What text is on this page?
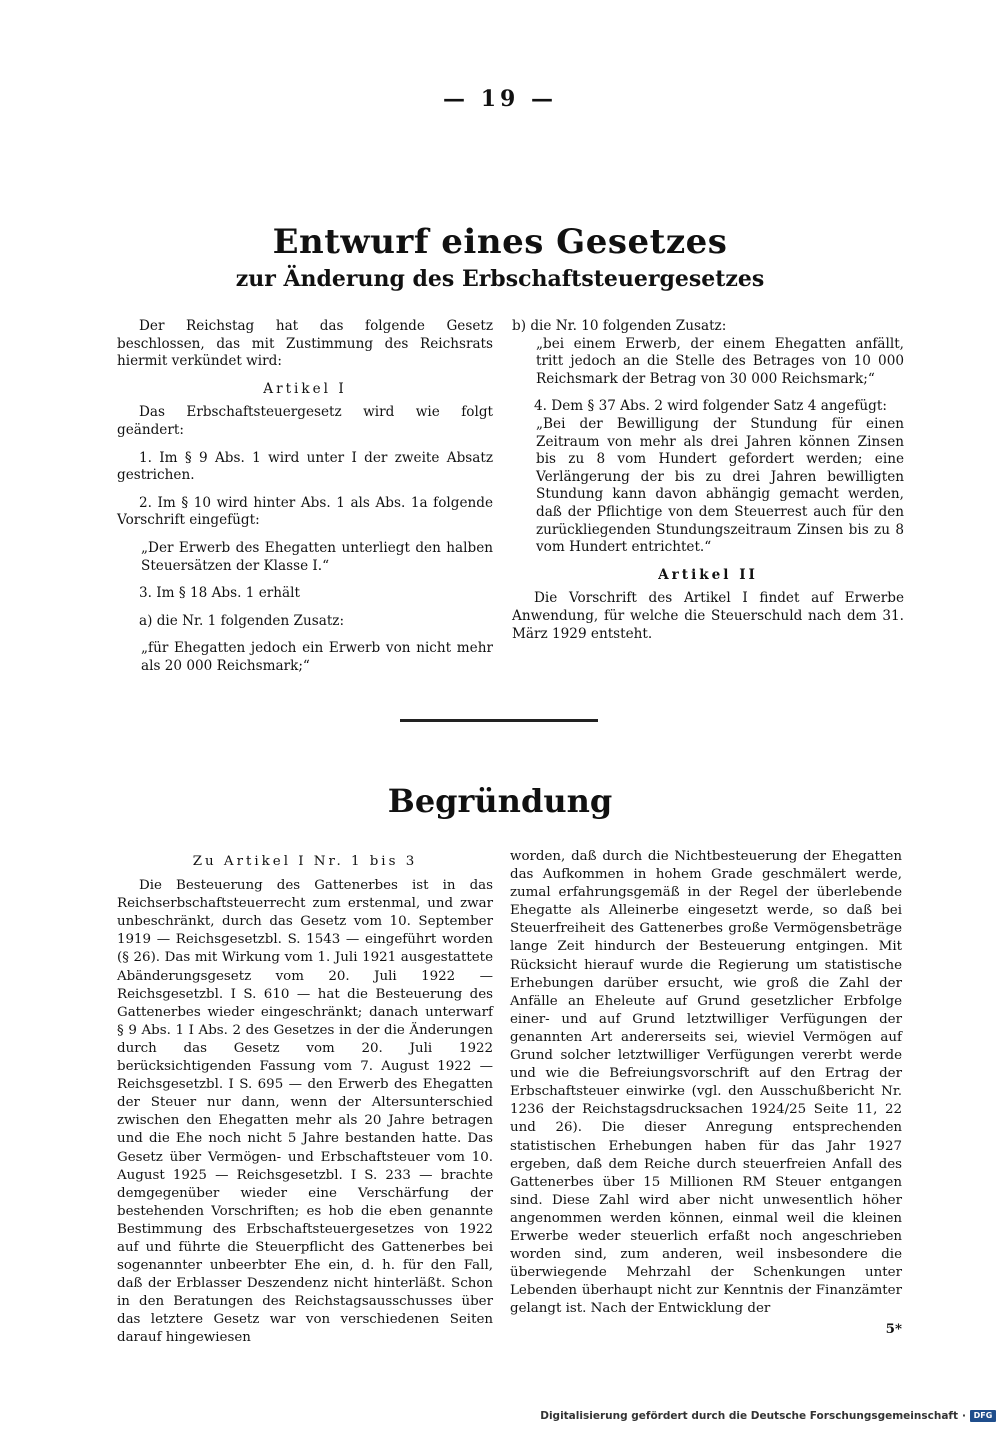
— 19 —
Entwurf eines Gesetzes
zur Änderung des Erbschaftsteuergesetzes

Der Reichstag hat das folgende Gesetz beschlossen, das mit Zustimmung des Reichsrats hiermit verkündet wird:

Artikel I

Das Erbschaftsteuergesetz wird wie folgt geändert:

1. Im § 9 Abs. 1 wird unter I der zweite Absatz gestrichen.

2. Im § 10 wird hinter Abs. 1 als Abs. 1a folgende Vorschrift eingefügt:

„Der Erwerb des Ehegatten unterliegt den halben Steuersätzen der Klasse I.“

3. Im § 18 Abs. 1 erhält

a) die Nr. 1 folgenden Zusatz:

„für Ehegatten jedoch ein Erwerb von nicht mehr als 20 000 Reichsmark;“

b) die Nr. 10 folgenden Zusatz:

„bei einem Erwerb, der einem Ehegatten anfällt, tritt jedoch an die Stelle des Betrages von 10 000 Reichsmark der Betrag von 30 000 Reichsmark;“

4. Dem § 37 Abs. 2 wird folgender Satz 4 angefügt:

„Bei der Bewilligung der Stundung für einen Zeitraum von mehr als drei Jahren können Zinsen bis zu 8 vom Hundert gefordert werden; eine Verlängerung der bis zu drei Jahren bewilligten Stundung kann davon abhängig gemacht werden, daß der Pflichtige von dem Steuerrest auch für den zurückliegenden Stundungszeitraum Zinsen bis zu 8 vom Hundert entrichtet.“

Artikel II

Die Vorschrift des Artikel I findet auf Erwerbe Anwendung, für welche die Steuerschuld nach dem 31. März 1929 entsteht.

Begründung

Zu Artikel I Nr. 1 bis 3

Die Besteuerung des Gattenerbes ist in das Reichserbschaftsteuerrecht zum erstenmal, und zwar unbeschränkt, durch das Gesetz vom 10. September 1919 — Reichsgesetzbl. S. 1543 — eingeführt worden (§ 26). Das mit Wirkung vom 1. Juli 1921 ausgestattete Abänderungsgesetz vom 20. Juli 1922 — Reichsgesetzbl. I S. 610 — hat die Besteuerung des Gattenerbes wieder eingeschränkt; danach unterwarf § 9 Abs. 1 I Abs. 2 des Gesetzes in der die Änderungen durch das Gesetz vom 20. Juli 1922 berücksichtigenden Fassung vom 7. August 1922 — Reichsgesetzbl. I S. 695 — den Erwerb des Ehegatten der Steuer nur dann, wenn der Altersunterschied zwischen den Ehegatten mehr als 20 Jahre betragen und die Ehe noch nicht 5 Jahre bestanden hatte. Das Gesetz über Vermögen- und Erbschaftsteuer vom 10. August 1925 — Reichsgesetzbl. I S. 233 — brachte demgegenüber wieder eine Verschärfung der bestehenden Vorschriften; es hob die eben genannte Bestimmung des Erbschaftsteuergesetzes von 1922 auf und führte die Steuerpflicht des Gattenerbes bei sogenannter unbeerbter Ehe ein, d. h. für den Fall, daß der Erblasser Deszendenz nicht hinterläßt. Schon in den Beratungen des Reichstagsausschusses über das letztere Gesetz war von verschiedenen Seiten darauf hingewiesen

worden, daß durch die Nichtbesteuerung der Ehegatten das Aufkommen in hohem Grade geschmälert werde, zumal erfahrungsgemäß in der Regel der überlebende Ehegatte als Alleinerbe eingesetzt werde, so daß bei Steuerfreiheit des Gattenerbes große Vermögensbeträge lange Zeit hindurch der Besteuerung entgingen. Mit Rücksicht hierauf wurde die Regierung um statistische Erhebungen darüber ersucht, wie groß die Zahl der Anfälle an Eheleute auf Grund gesetzlicher Erbfolge einer- und auf Grund letztwilliger Verfügungen der genannten Art andererseits sei, wieviel Vermögen auf Grund solcher letztwilliger Verfügungen vererbt werde und wie die Befreiungsvorschrift auf den Ertrag der Erbschaftsteuer einwirke (vgl. den Ausschußbericht Nr. 1236 der Reichstagsdrucksachen 1924/25 Seite 11, 22 und 26). Die dieser Anregung entsprechenden statistischen Erhebungen haben für das Jahr 1927 ergeben, daß dem Reiche durch steuerfreien Anfall des Gattenerbes über 15 Millionen RM Steuer entgangen sind. Diese Zahl wird aber nicht unwesentlich höher angenommen werden können, einmal weil die kleinen Erwerbe weder steuerlich erfaßt noch angeschrieben worden sind, zum anderen, weil insbesondere die überwiegende Mehrzahl der Schenkungen unter Lebenden überhaupt nicht zur Kenntnis der Finanzämter gelangt ist. Nach der Entwicklung der

5*

Digitalisierung gefördert durch die Deutsche Forschungsgemeinschaft · DFG
